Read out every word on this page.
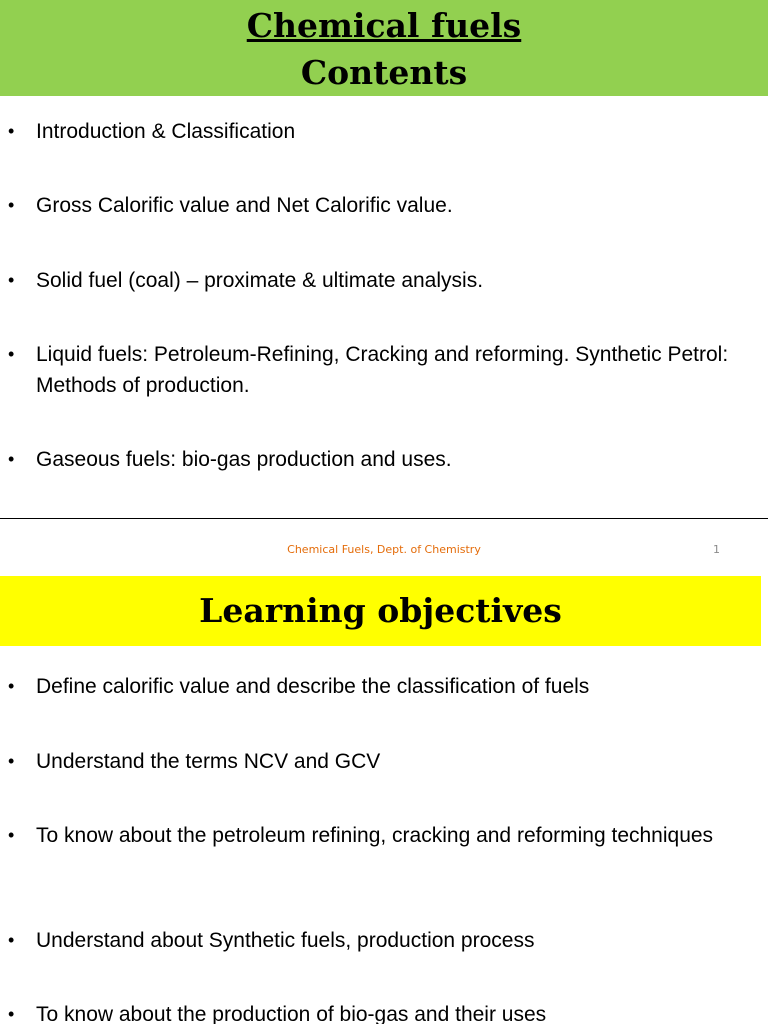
Chemical fuels
Contents
• Introduction & Classification
• Gross Calorific value and Net Calorific value.
• Solid fuel (coal) – proximate & ultimate analysis.
• Liquid fuels: Petroleum-Refining, Cracking and reforming. Synthetic Petrol: Methods of production.
• Gaseous fuels: bio-gas production and uses.
Chemical Fuels, Dept. of Chemistry	1
Learning objectives
• Define calorific value and describe the classification of fuels
• Understand the terms NCV and GCV
• To know about the petroleum refining, cracking and reforming techniques
• Understand about Synthetic fuels, production process
• To know about the production of bio-gas and their uses
